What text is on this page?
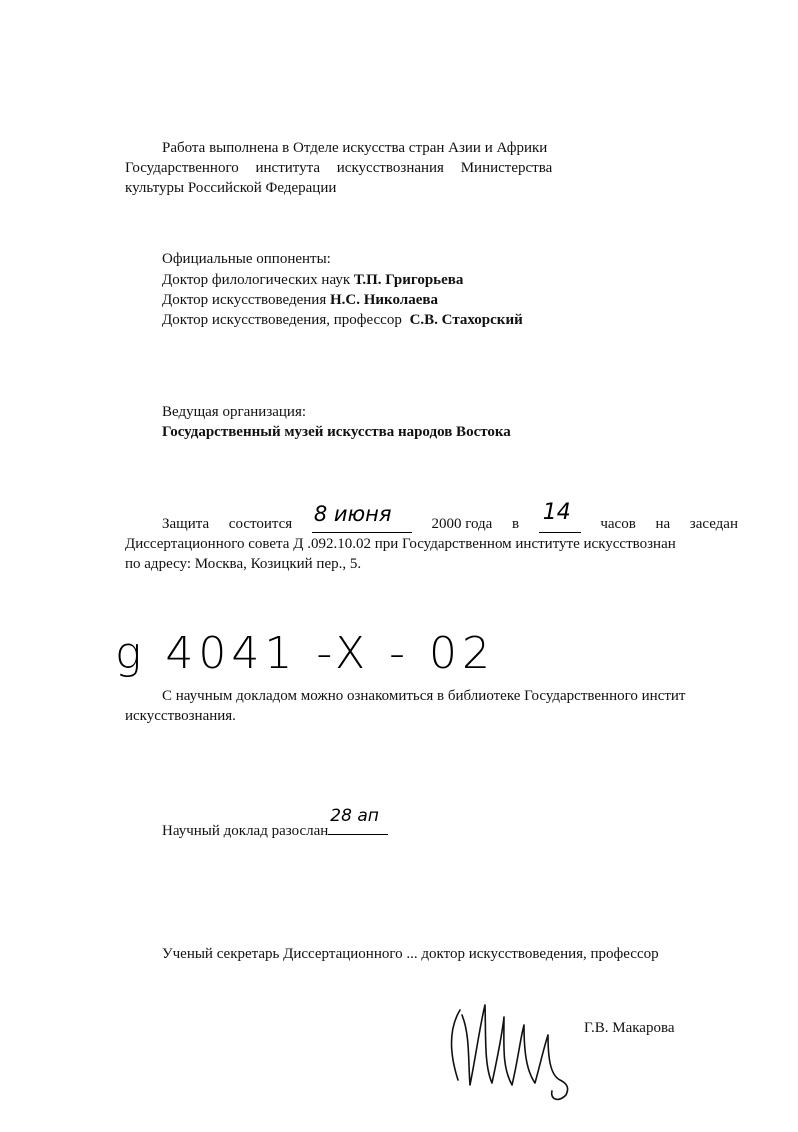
Работа выполнена в Отделе искусства стран Азии и Африки
Государственного института искусствознания Министерства
культуры Российской Федерации
Официальные оппоненты:
Доктор филологических наук Т.П. Григорьева
Доктор искусствоведения Н.С. Николаева
Доктор искусствоведения, профессор С.В. Стахорский
Ведущая организация:
Государственный музей искусства народов Востока
Защита состоится 8 июня	2000 года в 14 часов на заседан
Диссертационного совета Д .092.10.02 при Государственном институте искусствознан
по адресу: Москва, Козицкий пер., 5.
g 4041 -X - 02
С научным докладом можно ознакомиться в библиотеке Государственного инстит
искусствознания.
Научный доклад разослан
28 ап
Ученый секретарь Диссертационного ... доктор искусствоведения, профессор
Г.В. Макарова
